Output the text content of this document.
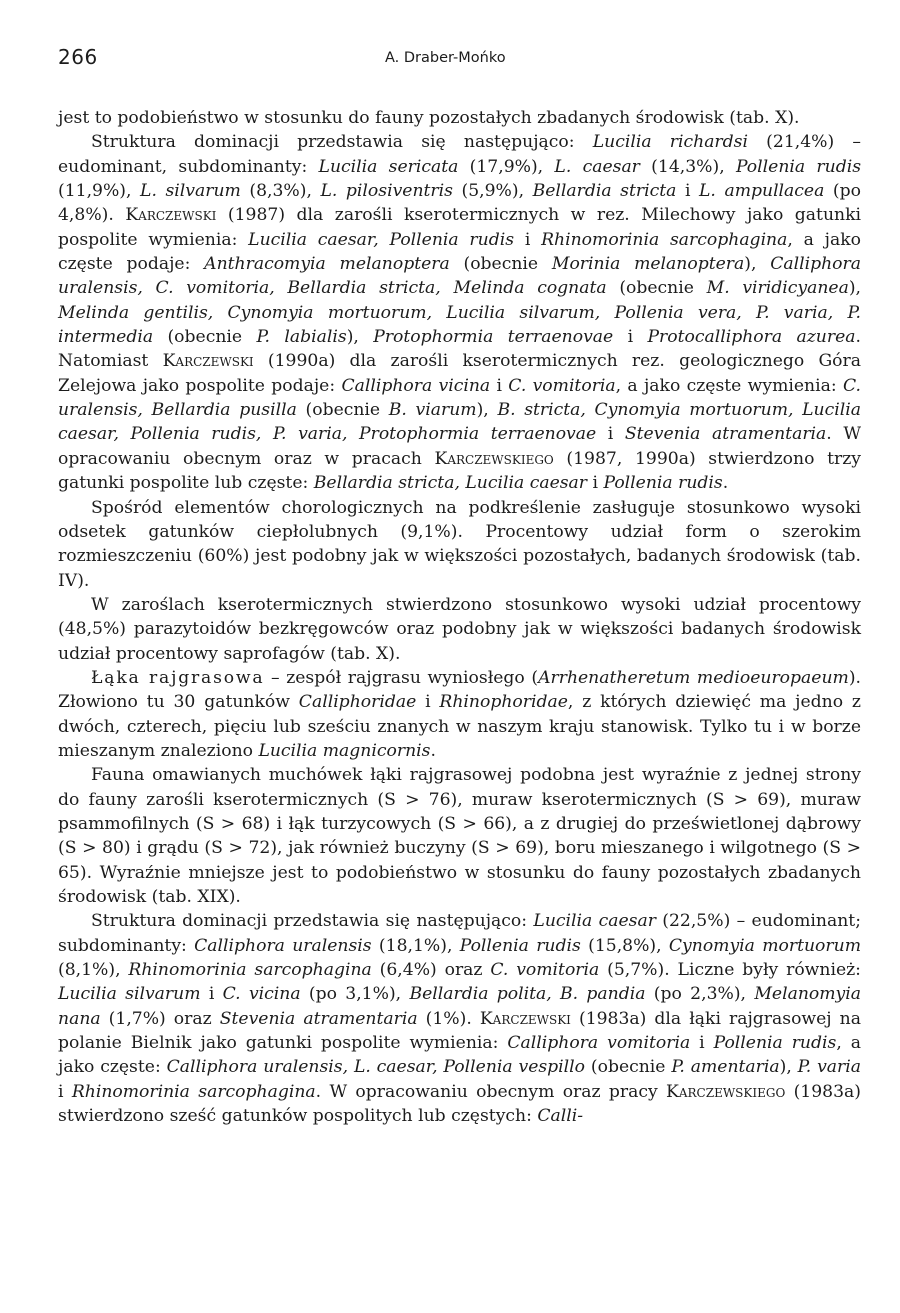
266	A. Draber-Mońko

jest to podobieństwo w stosunku do fauny pozostałych zbadanych środowisk (tab. X).

Struktura dominacji przedstawia się następująco: Lucilia richardsi (21,4%) – eudominant, subdominanty: Lucilia sericata (17,9%), L. caesar (14,3%), Pollenia rudis (11,9%), L. silvarum (8,3%), L. pilosiventris (5,9%), Bellardia stricta i L. ampullacea (po 4,8%). Karczewski (1987) dla zarośli kserotermicznych w rez. Milechowy jako gatunki pospolite wymienia: Lucilia caesar, Pollenia rudis i Rhinomorinia sarcophagina, a jako częste podaje: Anthracomyia melanoptera (obecnie Morinia melanoptera), Calliphora uralensis, C. vomitoria, Bellardia stricta, Melinda cognata (obecnie M. viridicyanea), Melinda gentilis, Cynomyia mortuorum, Lucilia silvarum, Pollenia vera, P. varia, P. intermedia (obecnie P. labialis), Protophormia terraenovae i Protocalliphora azurea. Natomiast Karczewski (1990a) dla zarośli kserotermicznych rez. geologicznego Góra Zelejowa jako pospolite podaje: Calliphora vicina i C. vomitoria, a jako częste wymienia: C. uralensis, Bellardia pusilla (obecnie B. viarum), B. stricta, Cynomyia mortuorum, Lucilia caesar, Pollenia rudis, P. varia, Protophormia terraenovae i Stevenia atramentaria. W opracowaniu obecnym oraz w pracach Karczewskiego (1987, 1990a) stwierdzono trzy gatunki pospolite lub częste: Bellardia stricta, Lucilia caesar i Pollenia rudis.

Spośród elementów chorologicznych na podkreślenie zasługuje stosunkowo wysoki odsetek gatunków ciepłolubnych (9,1%). Procentowy udział form o szerokim rozmieszczeniu (60%) jest podobny jak w większości pozostałych, badanych środowisk (tab. IV).

W zaroślach kserotermicznych stwierdzono stosunkowo wysoki udział procentowy (48,5%) parazytoidów bezkręgowców oraz podobny jak w większości badanych środowisk udział procentowy saprofagów (tab. X).

Łąka rajgrasowa – zespół rajgrasu wyniosłego (Arrhenatheretum medioeuropaeum). Złowiono tu 30 gatunków Calliphoridae i Rhinophoridae, z których dziewięć ma jedno z dwóch, czterech, pięciu lub sześciu znanych w naszym kraju stanowisk. Tylko tu i w borze mieszanym znaleziono Lucilia magnicornis.

Fauna omawianych muchówek łąki rajgrasowej podobna jest wyraźnie z jednej strony do fauny zarośli kserotermicznych (S > 76), muraw kserotermicznych (S > 69), muraw psammofilnych (S > 68) i łąk turzycowych (S > 66), a z drugiej do prześwietlonej dąbrowy (S > 80) i grądu (S > 72), jak również buczyny (S > 69), boru mieszanego i wilgotnego (S > 65). Wyraźnie mniejsze jest to podobieństwo w stosunku do fauny pozostałych zbadanych środowisk (tab. XIX).

Struktura dominacji przedstawia się następująco: Lucilia caesar (22,5%) – eudominant; subdominanty: Calliphora uralensis (18,1%), Pollenia rudis (15,8%), Cynomyia mortuorum (8,1%), Rhinomorinia sarcophagina (6,4%) oraz C. vomitoria (5,7%). Liczne były również: Lucilia silvarum i C. vicina (po 3,1%), Bellardia polita, B. pandia (po 2,3%), Melanomyia nana (1,7%) oraz Stevenia atramentaria (1%). Karczewski (1983a) dla łąki rajgrasowej na polanie Bielnik jako gatunki pospolite wymienia: Calliphora vomitoria i Pollenia rudis, a jako częste: Calliphora uralensis, L. caesar, Pollenia vespillo (obecnie P. amentaria), P. varia i Rhinomorinia sarcophagina. W opracowaniu obecnym oraz pracy Karczewskiego (1983a) stwierdzono sześć gatunków pospolitych lub częstych: Calli-
